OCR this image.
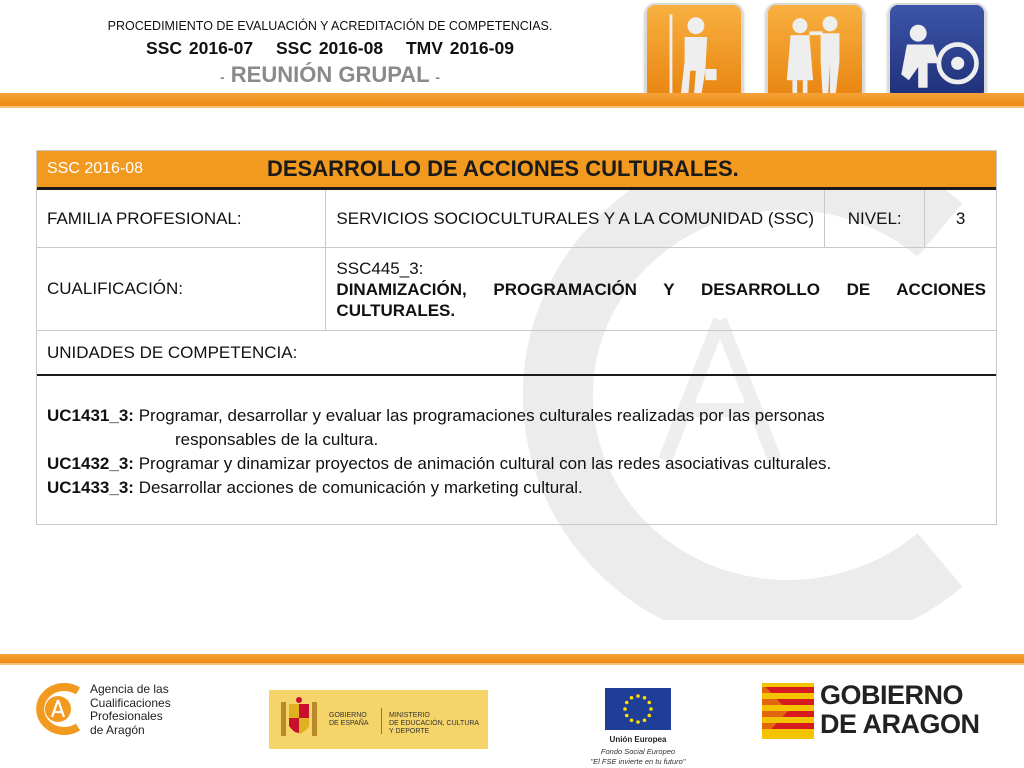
PROCEDIMIENTO DE EVALUACIÓN Y ACREDITACIÓN DE COMPETENCIAS.
SSC 2016-07 SSC 2016-08 TMV 2016-09
- REUNIÓN GRUPAL -
SSC 2016-08	DESARROLLO DE ACCIONES CULTURALES.
FAMILIA PROFESIONAL:	SERVICIOS SOCIOCULTURALES Y A LA COMUNIDAD (SSC)	NIVEL:	3
CUALIFICACIÓN:
SSC445_3:
DINAMIZACIÓN, PROGRAMACIÓN Y DESARROLLO DE ACCIONES CULTURALES.
UNIDADES DE COMPETENCIA:
UC1431_3: Programar, desarrollar y evaluar las programaciones culturales realizadas por las personas
responsables de la cultura.
UC1432_3: Programar y dinamizar proyectos de animación cultural con las redes asociativas culturales.
UC1433_3: Desarrollar acciones de comunicación y marketing cultural.
Agencia de las
Cualificaciones
Profesionales
de Aragón
GOBIERNO
DE ESPAÑA
MINISTERIO
DE EDUCACIÓN, CULTURA
Y DEPORTE
Unión Europea
Fondo Social Europeo
"El FSE invierte en tu futuro"
GOBIERNO
DE ARAGON
